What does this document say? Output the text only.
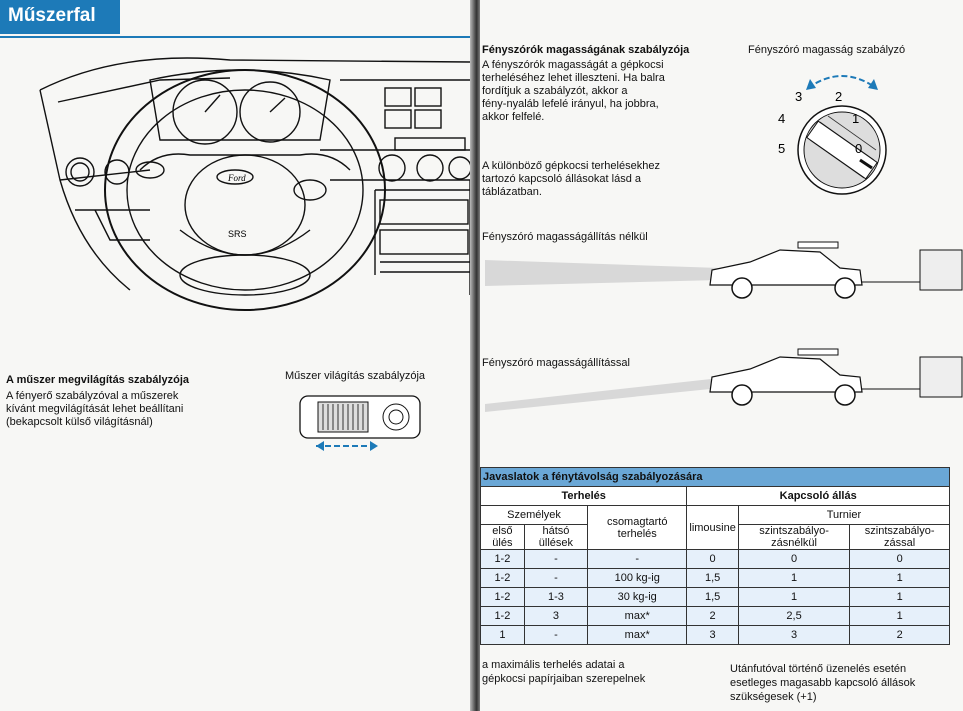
Műszerfal
Ford
SRS
A műszer megvilágítás szabályzója
A fényerő szabályzóval a műszerek
kívánt megvilágítását lehet beállítani
(bekapcsolt külső világításnál)
Műszer világítás szabályzója
Fényszórók magasságának szabályzója
A fényszórók magasságát a gépkocsi
terheléséhez lehet illeszteni. Ha balra
fordítjuk a szabályzót, akkor a
fény-nyaláb lefelé irányul, ha jobbra,
akkor felfelé.
A különböző gépkocsi terhelésekhez
tartozó kapcsoló állásokat lásd a
táblázatban.
Fényszóró magasság szabályzó
3	2
4	1
5	0
Fényszóró magasságállítás nélkül
Fényszóró magasságállítással
a maximális terhelés adatai a
gépkocsi papírjaiban szerepelnek
Utánfutóval történő üzenelés esetén
esetleges magasabb kapcsoló állások
szükségesek (+1)
Javaslatok a fénytávolság szabályozására					
Terhelés			Kapcsoló állás		
Személyek		csomagtartó terhelés	limousine	Turnier	
első ülés	hátsó üllések			szintszabályo-zásnélkül	szintszabályo-zással
1-2	-	-	0	0	0
1-2	-	100 kg-ig	1,5	1	1
1-2	1-3	30 kg-ig	1,5	1	1
1-2	3	max*	2	2,5	1
1	-	max*	3	3	2
